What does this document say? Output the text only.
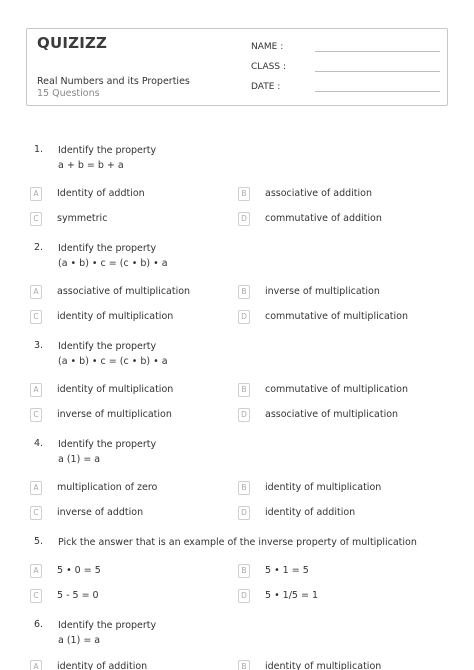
QUIZIZZ
Real Numbers and its Properties
15 Questions
NAME :
CLASS :
DATE :
1. Identify the property
a + b = b + a
A	Identity of addtion	B	associative of addition
C	symmetric	D	commutative of addition
2. Identify the property
(a • b) • c = (c • b) • a
A	associative of multiplication	B	inverse of multiplication
C	identity of multiplication	D	commutative of multiplication
3. Identify the property
(a • b) • c = (c • b) • a
A	identity of multiplication	B	commutative of multiplication
C	inverse of multiplication	D	associative of multiplication
4. Identify the property
a (1) = a
A	multiplication of zero	B	identity of multiplication
C	inverse of addtion	D	identity of addition
5. Pick the answer that is an example of the inverse property of multiplication
A	5 • 0 = 5	B	5 • 1 = 5
C	5 - 5 = 0	D	5 • 1/5 = 1
6. Identify the property
a (1) = a
A	identity of addition	B	identity of multiplication
